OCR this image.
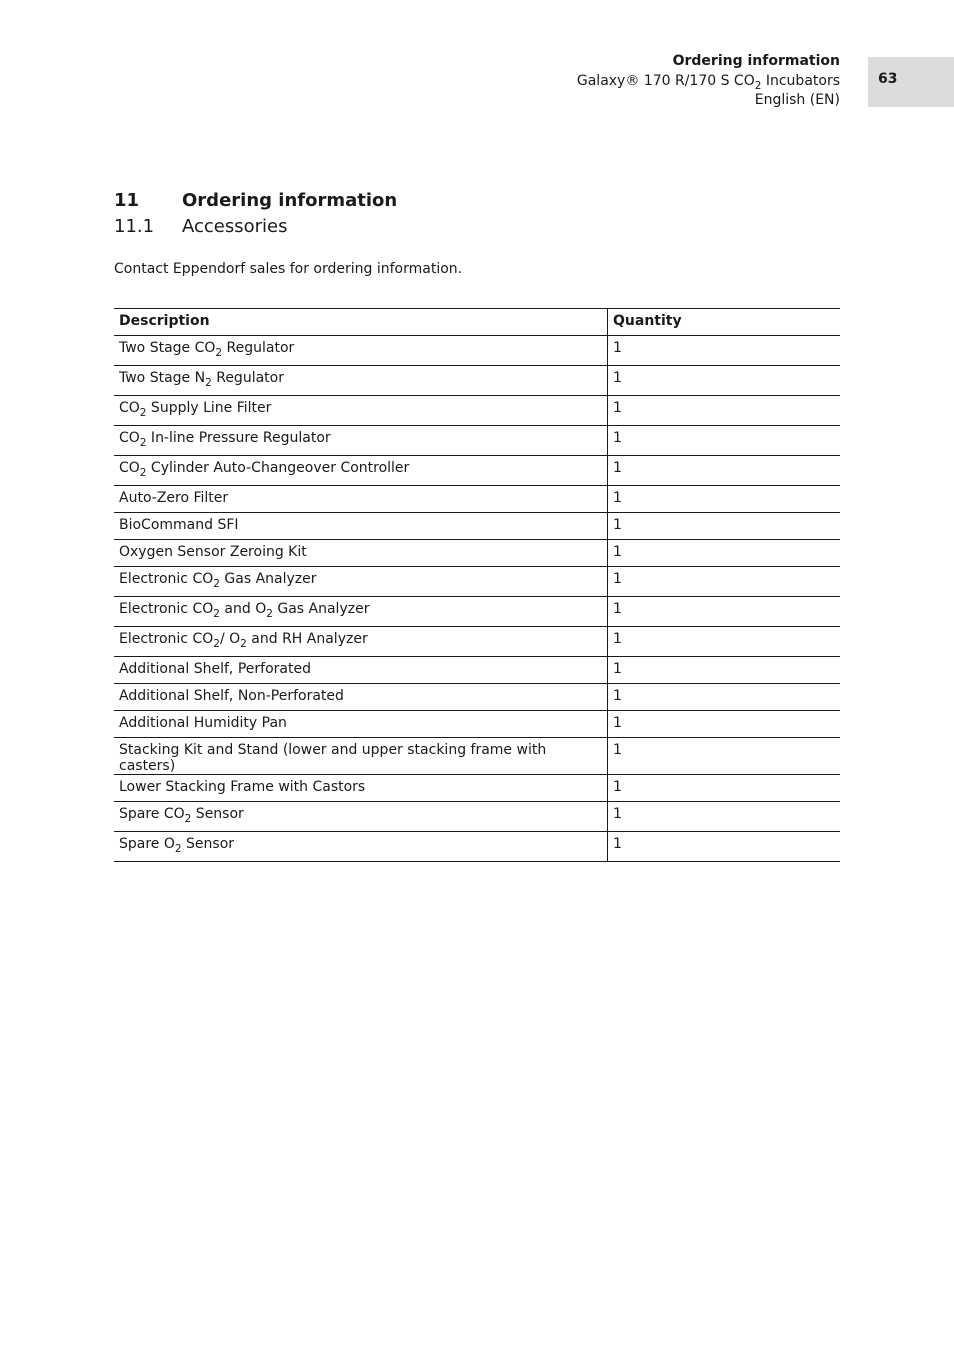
Ordering information
Galaxy® 170 R/170 S $CO_2$ Incubators
English (EN)
63
11 Ordering information
11.1 Accessories
Contact Eppendorf sales for ordering information.
Description	Quantity
Two Stage $CO_2$ Regulator	1
Two Stage $N_2$ Regulator	1
$CO_2$ Supply Line Filter	1
$CO_2$ In-line Pressure Regulator	1
$CO_2$ Cylinder Auto-Changeover Controller	1
Auto-Zero Filter	1
BioCommand SFI	1
Oxygen Sensor Zeroing Kit	1
Electronic $CO_2$ Gas Analyzer	1
Electronic $CO_2$ and $O_2$ Gas Analyzer	1
Electronic $CO_2/$ $O_2$ and RH Analyzer	1
Additional Shelf, Perforated	1
Additional Shelf, Non-Perforated	1
Additional Humidity Pan	1
Stacking Kit and Stand (lower and upper stacking frame with casters)	1
Lower Stacking Frame with Castors	1
Spare $CO_2$ Sensor	1
Spare $O_2$ Sensor	1
